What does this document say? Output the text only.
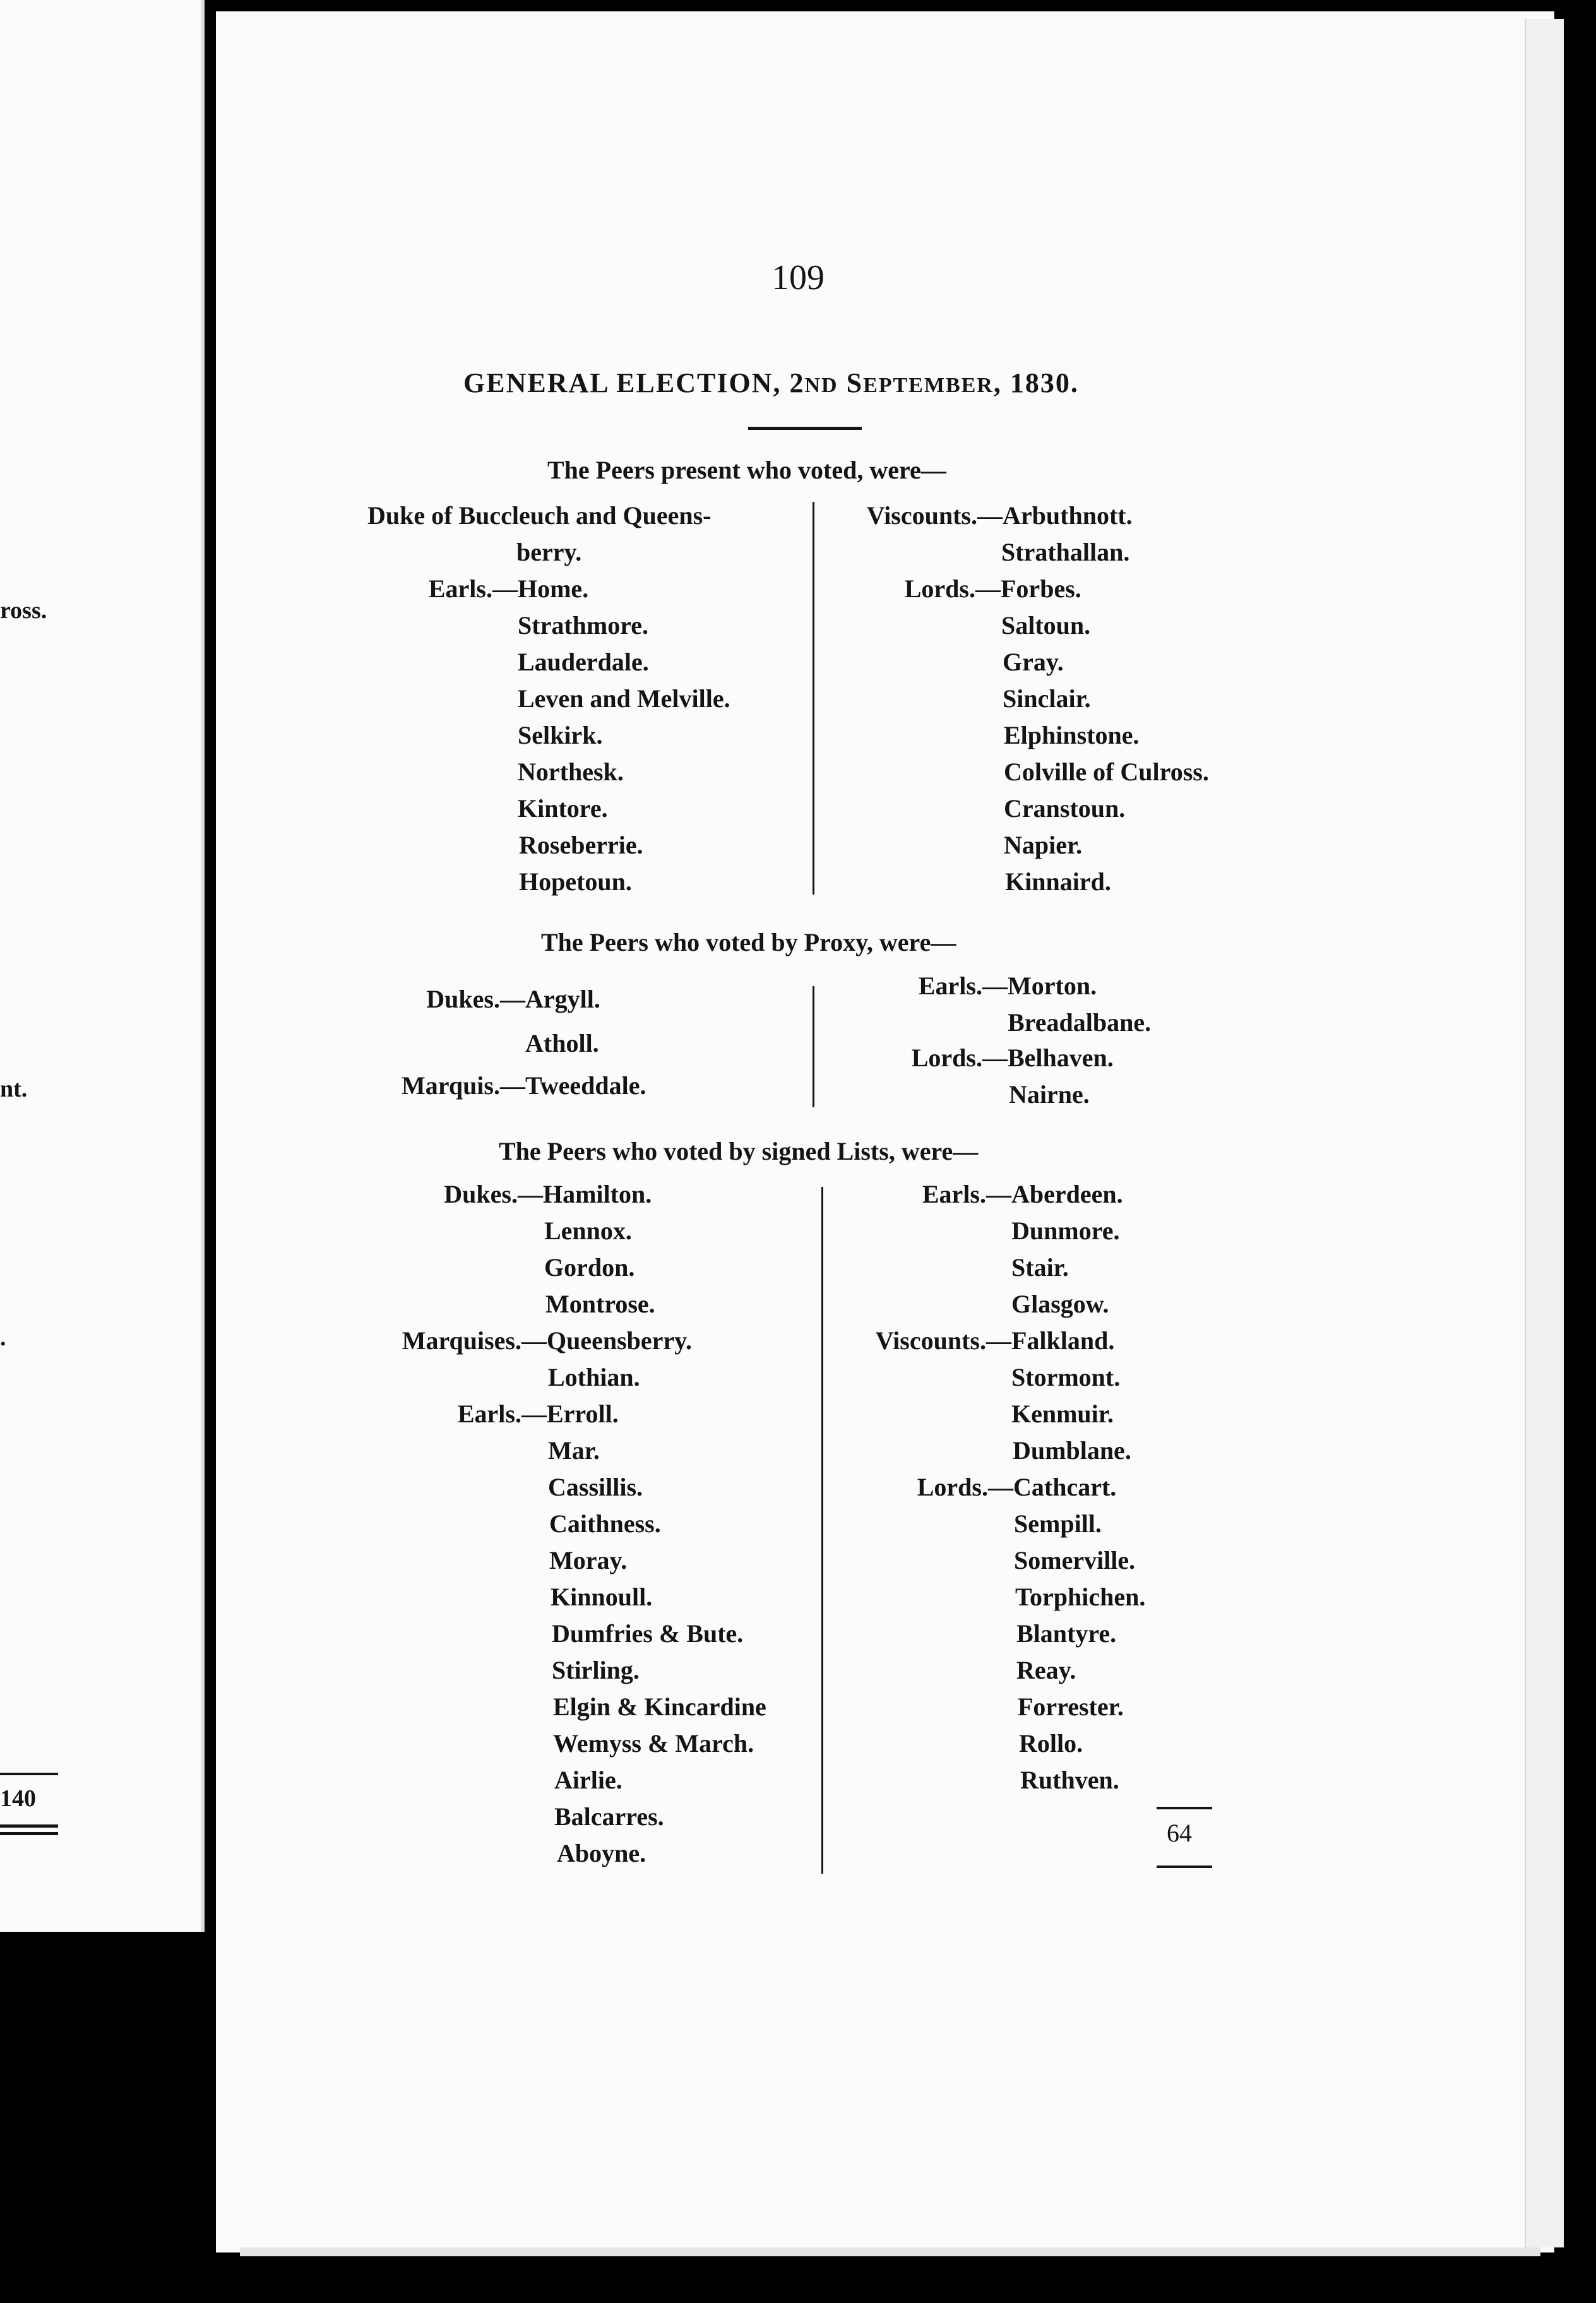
ross.
nt.
.
140
109
GENERAL ELECTION, 2ND SEPTEMBER, 1830.
The Peers present who voted, were—
Duke of Buccleuch and Queens-
berry.
Earls.— Home.
Strathmore.
Lauderdale.
Leven and Melville.
Selkirk.
Northesk.
Kintore.
Roseberrie.
Hopetoun.
Viscounts.— Arbuthnott.
Strathallan.
Lords.— Forbes.
Saltoun.
Gray.
Sinclair.
Elphinstone.
Colville of Culross.
Cranstoun.
Napier.
Kinnaird.
The Peers who voted by Proxy, were—
Dukes.— Argyll.
Atholl.
Marquis.— Tweeddale.
Earls.— Morton.
Breadalbane.
Lords.— Belhaven.
Nairne.
The Peers who voted by signed Lists, were—
Dukes.— Hamilton.
Lennox.
Gordon.
Montrose.
Marquises.— Queensberry.
Lothian.
Earls.— Erroll.
Mar.
Cassillis.
Caithness.
Moray.
Kinnoull.
Dumfries & Bute.
Stirling.
Elgin & Kincardine
Wemyss & March.
Airlie.
Balcarres.
Aboyne.
Earls.— Aberdeen.
Dunmore.
Stair.
Glasgow.
Viscounts.— Falkland.
Stormont.
Kenmuir.
Dumblane.
Lords.— Cathcart.
Sempill.
Somerville.
Torphichen.
Blantyre.
Reay.
Forrester.
Rollo.
Ruthven.
64
